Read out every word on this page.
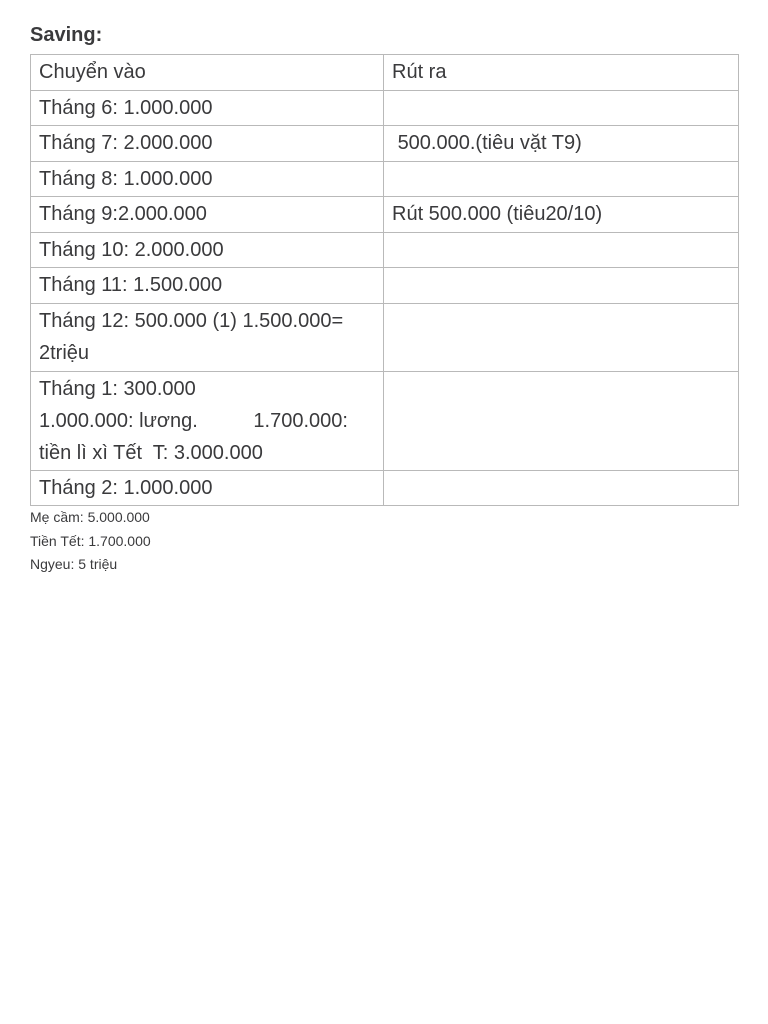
Saving:
Chuyển vào	Rút ra
Tháng 6: 1.000.000	
Tháng 7: 2.000.000	500.000.(tiêu vặt T9)
Tháng 8: 1.000.000	
Tháng 9:2.000.000	Rút 500.000 (tiêu20/10)
Tháng 10: 2.000.000	
Tháng 11: 1.500.000	
Tháng 12: 500.000 (1) 1.500.000= 2triệu	
Tháng 1: 300.000
1.000.000: lương.          1.700.000: tiền lì xì Tết  T: 3.000.000	
Tháng 2: 1.000.000	
Mẹ cầm: 5.000.000
Tiền Tết: 1.700.000
Ngyeu: 5 triệu
